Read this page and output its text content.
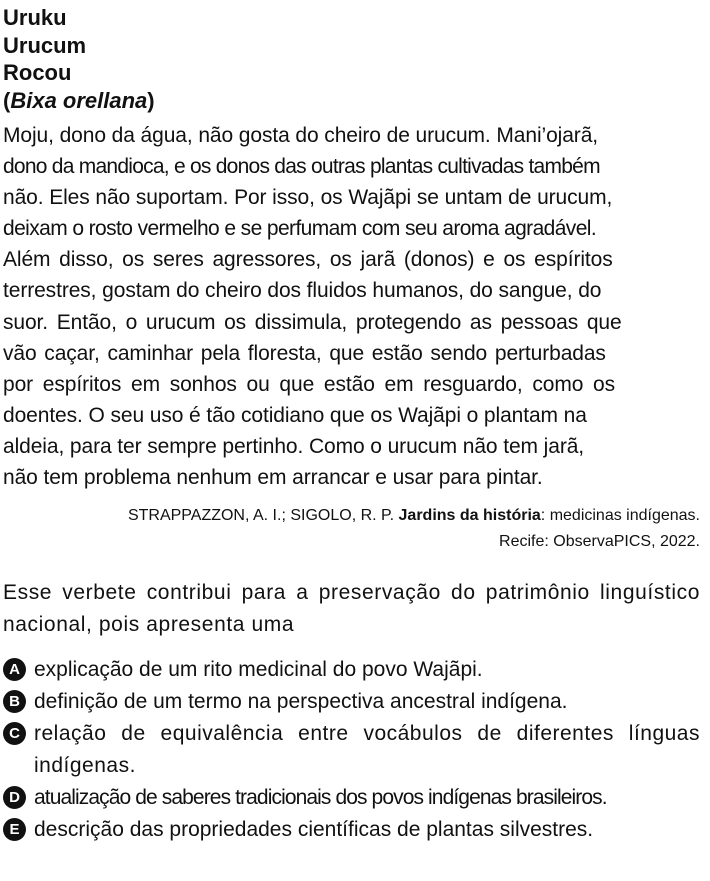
Uruku
Urucum
Rocou
(Bixa orellana)
Moju, dono da água, não gosta do cheiro de urucum. Mani’ojarã,
dono da mandioca, e os donos das outras plantas cultivadas também
não. Eles não suportam. Por isso, os Wajãpi se untam de urucum,
deixam o rosto vermelho e se perfumam com seu aroma agradável.
Além disso, os seres agressores, os jarã (donos) e os espíritos
terrestres, gostam do cheiro dos fluidos humanos, do sangue, do
suor. Então, o urucum os dissimula, protegendo as pessoas que
vão caçar, caminhar pela floresta, que estão sendo perturbadas
por espíritos em sonhos ou que estão em resguardo, como os
doentes. O seu uso é tão cotidiano que os Wajãpi o plantam na
aldeia, para ter sempre pertinho. Como o urucum não tem jarã,
não tem problema nenhum em arrancar e usar para pintar.
STRAPPAZZON, A. I.; SIGOLO, R. P. Jardins da história: medicinas indígenas.
Recife: ObservaPICS, 2022.
Esse verbete contribui para a preservação do patrimônio linguístico nacional, pois apresenta uma
A explicação de um rito medicinal do povo Wajãpi.
B definição de um termo na perspectiva ancestral indígena.
C relação de equivalência entre vocábulos de diferentes línguas indígenas.
D atualização de saberes tradicionais dos povos indígenas brasileiros.
E descrição das propriedades científicas de plantas silvestres.
